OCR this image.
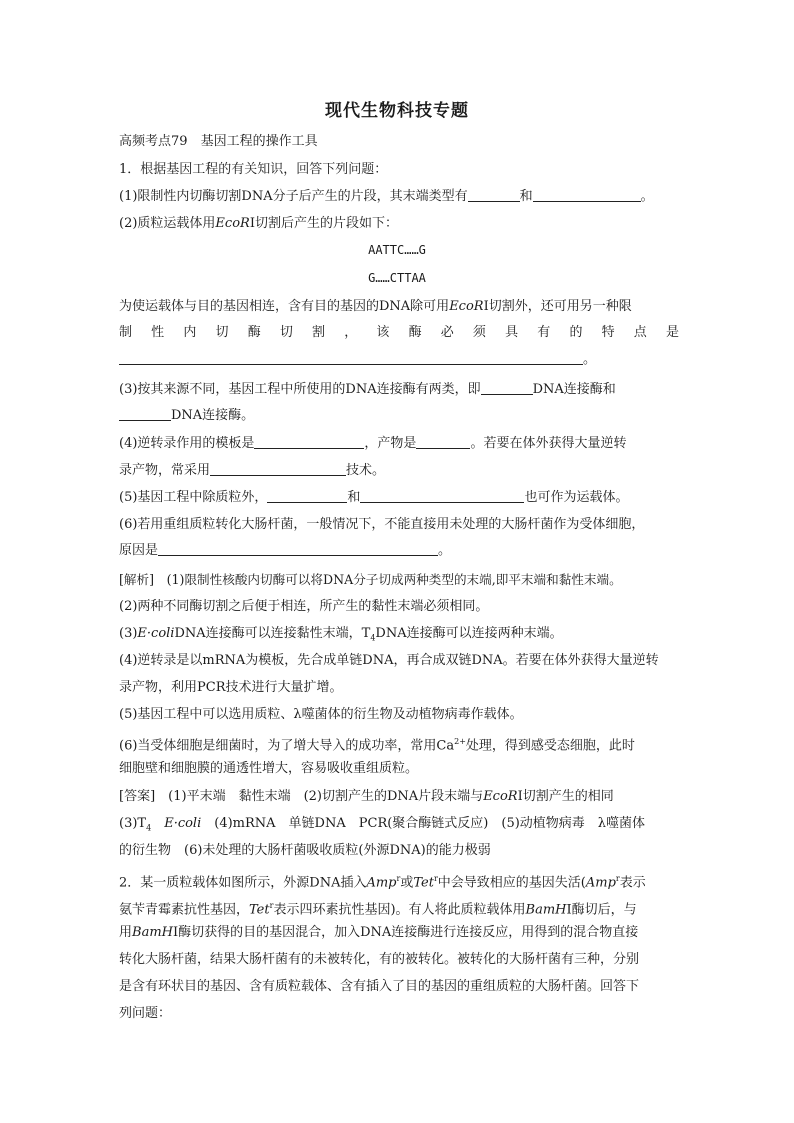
现代生物科技专题
高频考点79　 基因工程的操作工具
1．根据基因工程的有关知识，回答下列问题：
(1)限制性内切酶切割DNA分子后产生的片段，其末端类型有	和	。
(2)质粒运载体用EcoRⅠ切割后产生的片段如下：
AATTC……G
G……CTTAA
为使运载体与目的基因相连，含有目的基因的DNA除可用EcoRⅠ切割外，还可用另一种限
制性内切酶切割，该酶必须具有的特点是
。
(3)按其来源不同，基因工程中所使用的DNA连接酶有两类，即	DNA连接酶和
DNA连接酶。
(4)逆转录作用的模板是	，产物是	。若要在体外获得大量逆转
录产物，常采用	技术。
(5)基因工程中除质粒外，	和	也可作为运载体。
(6)若用重组质粒转化大肠杆菌，一般情况下，不能直接用未处理的大肠杆菌作为受体细胞，
原因是	。
[解析]　 (1)限制性核酸内切酶可以将DNA分子切成两种类型的末端,即平末端和黏性末端。
(2)两种不同酶切割之后便于相连，所产生的黏性末端必须相同。
(3)E·coliDNA连接酶可以连接黏性末端，$T_4DNA$连接酶可以连接两种末端。
(4)逆转录是以mRNA为模板，先合成单链DNA，再合成双链DNA。若要在体外获得大量逆转
录产物，利用PCR技术进行大量扩增。
(5)基因工程中可以选用质粒、λ噬菌体的衍生物及动植物病毒作载体。
(6)当受体细胞是细菌时，为了增大导入的成功率，常用$Ca^{2+}$处理，得到感受态细胞，此时
细胞壁和细胞膜的通透性增大，容易吸收重组质粒。
[答案]　 (1)平末端　黏性末端　(2)切割产生的DNA片段末端与EcoRⅠ切割产生的相同
$(3)T_4$　 E·coli　 (4)mRNA　单链DNA　PCR(聚合酶链式反应)　(5)动植物病毒　λ噬菌体
的衍生物　(6)未处理的大肠杆菌吸收质粒(外源DNA)的能力极弱
2．某一质粒载体如图所示，外源DNA插入Amp$^r$或Tet$^r$中会导致相应的基因失活(Amp$^r$表示
氨苄青霉素抗性基因，Tet$^r$表示四环素抗性基因)。有人将此质粒载体用BamHⅠ酶切后，与
用BamHⅠ酶切获得的目的基因混合，加入DNA连接酶进行连接反应，用得到的混合物直接
转化大肠杆菌，结果大肠杆菌有的未被转化，有的被转化。被转化的大肠杆菌有三种，分别
是含有环状目的基因、含有质粒载体、含有插入了目的基因的重组质粒的大肠杆菌。回答下
列问题：
